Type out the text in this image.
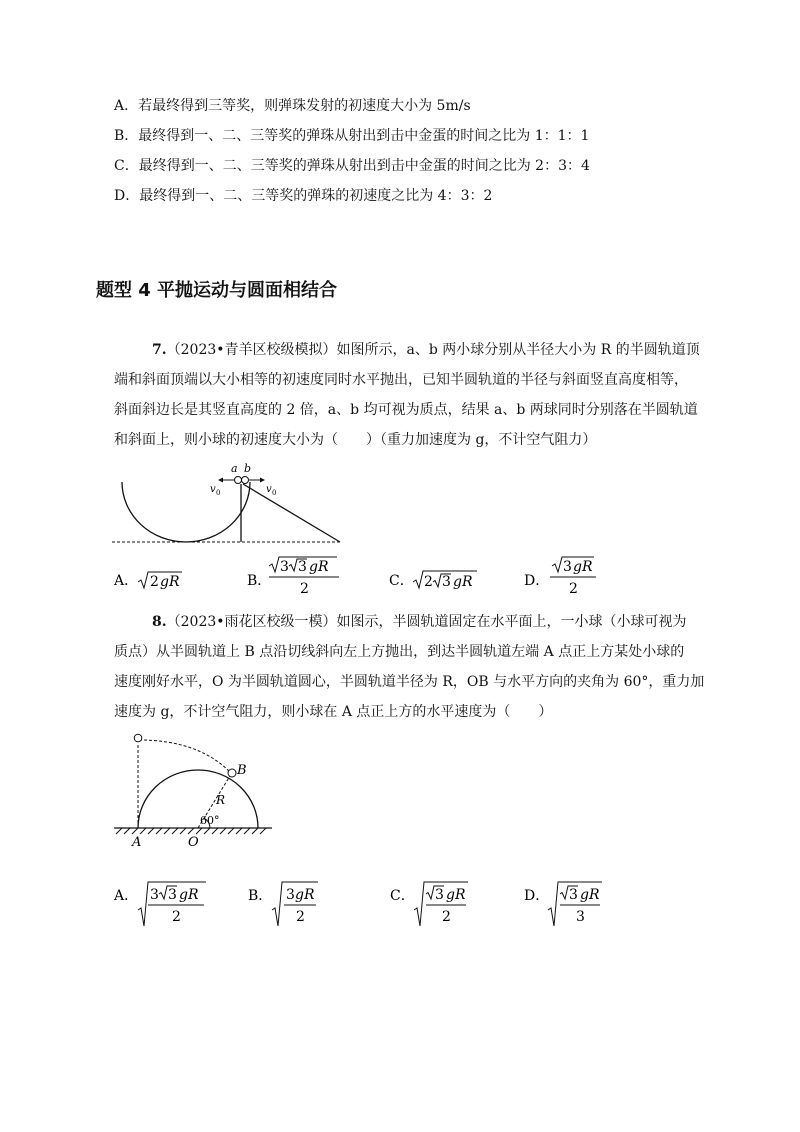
A．若最终得到三等奖，则弹珠发射的初速度大小为 5m/s
B．最终得到一、二、三等奖的弹珠从射出到击中金蛋的时间之比为 1：1：1
C．最终得到一、二、三等奖的弹珠从射出到击中金蛋的时间之比为 2：3：4
D．最终得到一、二、三等奖的弹珠的初速度之比为 4：3：2
题型 4 平抛运动与圆面相结合
7.（2023•青羊区校级模拟）如图所示，a、b 两小球分别从半径大小为 R 的半圆轨道顶
端和斜面顶端以大小相等的初速度同时水平抛出，已知半圆轨道的半径与斜面竖直高度相等，
斜面斜边长是其竖直高度的 2 倍，a、b 均可视为质点，结果 a、b 两球同时分别落在半圆轨道
和斜面上，则小球的初速度大小为（　　）（重力加速度为 g，不计空气阻力）
a b
v 0	v 0
A． 2 gR	B．
3 3 gR
2	C． 2 3 gR	D．
3 gR
2
8.（2023•雨花区校级一模）如图示，半圆轨道固定在水平面上，一小球（小球可视为
质点）从半圆轨道上 B 点沿切线斜向左上方抛出，到达半圆轨道左端 A 点正上方某处小球的
速度刚好水平，O 为半圆轨道圆心，半圆轨道半径为 R，OB 与水平方向的夹角为 60°，重力加
速度为 g，不计空气阻力，则小球在 A 点正上方的水平速度为（　　）
A	O
B
R
60°
A． 3 3 gR
2
B． 3 gR
2
C． 3 gR
2
D． 3 gR
3
